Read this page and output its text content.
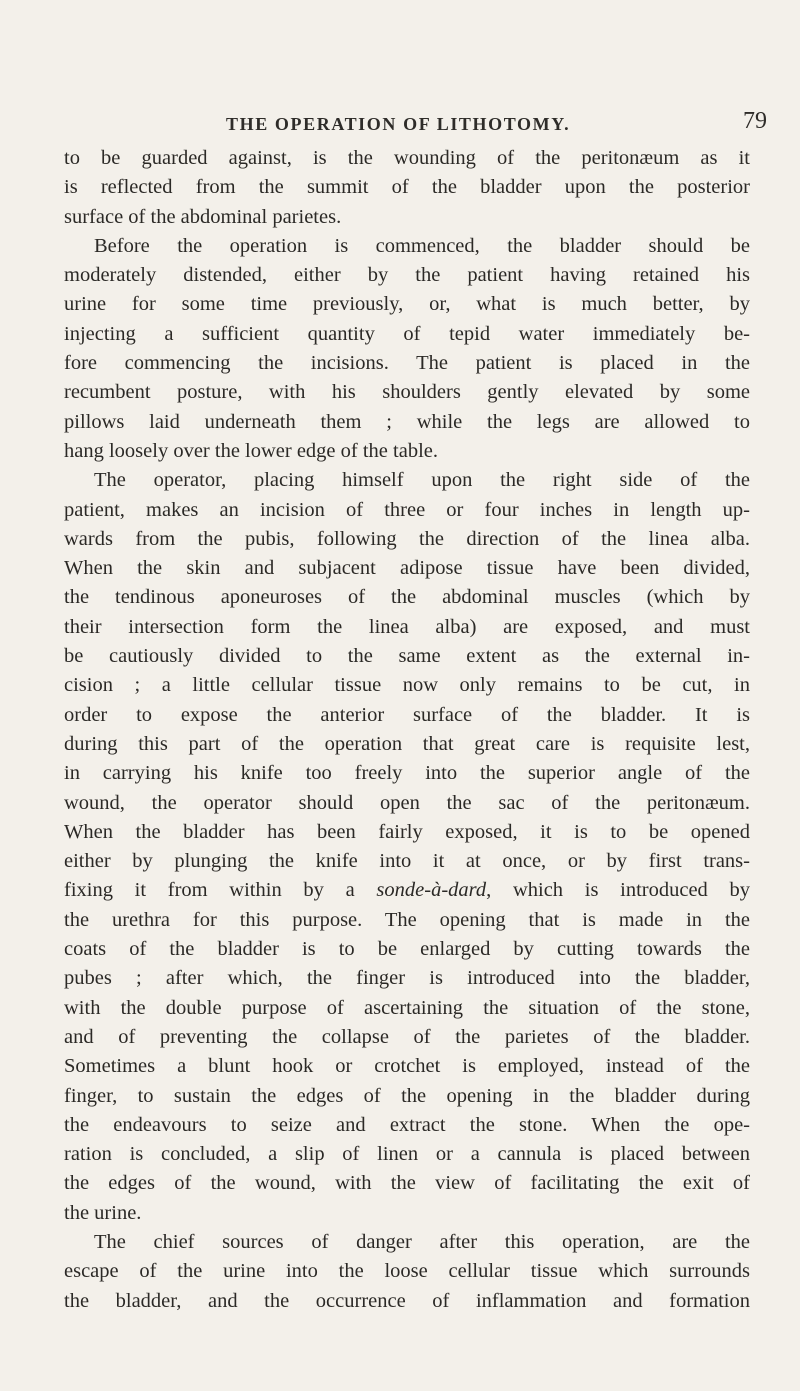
THE OPERATION OF LITHOTOMY.	79
to be guarded against, is the wounding of the peritonæum as it
is reflected from the summit of the bladder upon the posterior
surface of the abdominal parietes.
Before the operation is commenced, the bladder should be
moderately distended, either by the patient having retained his
urine for some time previously, or, what is much better, by
injecting a sufficient quantity of tepid water immediately be-
fore commencing the incisions. The patient is placed in the
recumbent posture, with his shoulders gently elevated by some
pillows laid underneath them ; while the legs are allowed to
hang loosely over the lower edge of the table.
The operator, placing himself upon the right side of the
patient, makes an incision of three or four inches in length up-
wards from the pubis, following the direction of the linea alba.
When the skin and subjacent adipose tissue have been divided,
the tendinous aponeuroses of the abdominal muscles (which by
their intersection form the linea alba) are exposed, and must
be cautiously divided to the same extent as the external in-
cision ; a little cellular tissue now only remains to be cut, in
order to expose the anterior surface of the bladder. It is
during this part of the operation that great care is requisite lest,
in carrying his knife too freely into the superior angle of the
wound, the operator should open the sac of the peritonæum.
When the bladder has been fairly exposed, it is to be opened
either by plunging the knife into it at once, or by first trans-
fixing it from within by a sonde-à-dard, which is introduced by
the urethra for this purpose. The opening that is made in the
coats of the bladder is to be enlarged by cutting towards the
pubes ; after which, the finger is introduced into the bladder,
with the double purpose of ascertaining the situation of the stone,
and of preventing the collapse of the parietes of the bladder.
Sometimes a blunt hook or crotchet is employed, instead of the
finger, to sustain the edges of the opening in the bladder during
the endeavours to seize and extract the stone. When the ope-
ration is concluded, a slip of linen or a cannula is placed between
the edges of the wound, with the view of facilitating the exit of
the urine.
The chief sources of danger after this operation, are the
escape of the urine into the loose cellular tissue which surrounds
the bladder, and the occurrence of inflammation and formation
